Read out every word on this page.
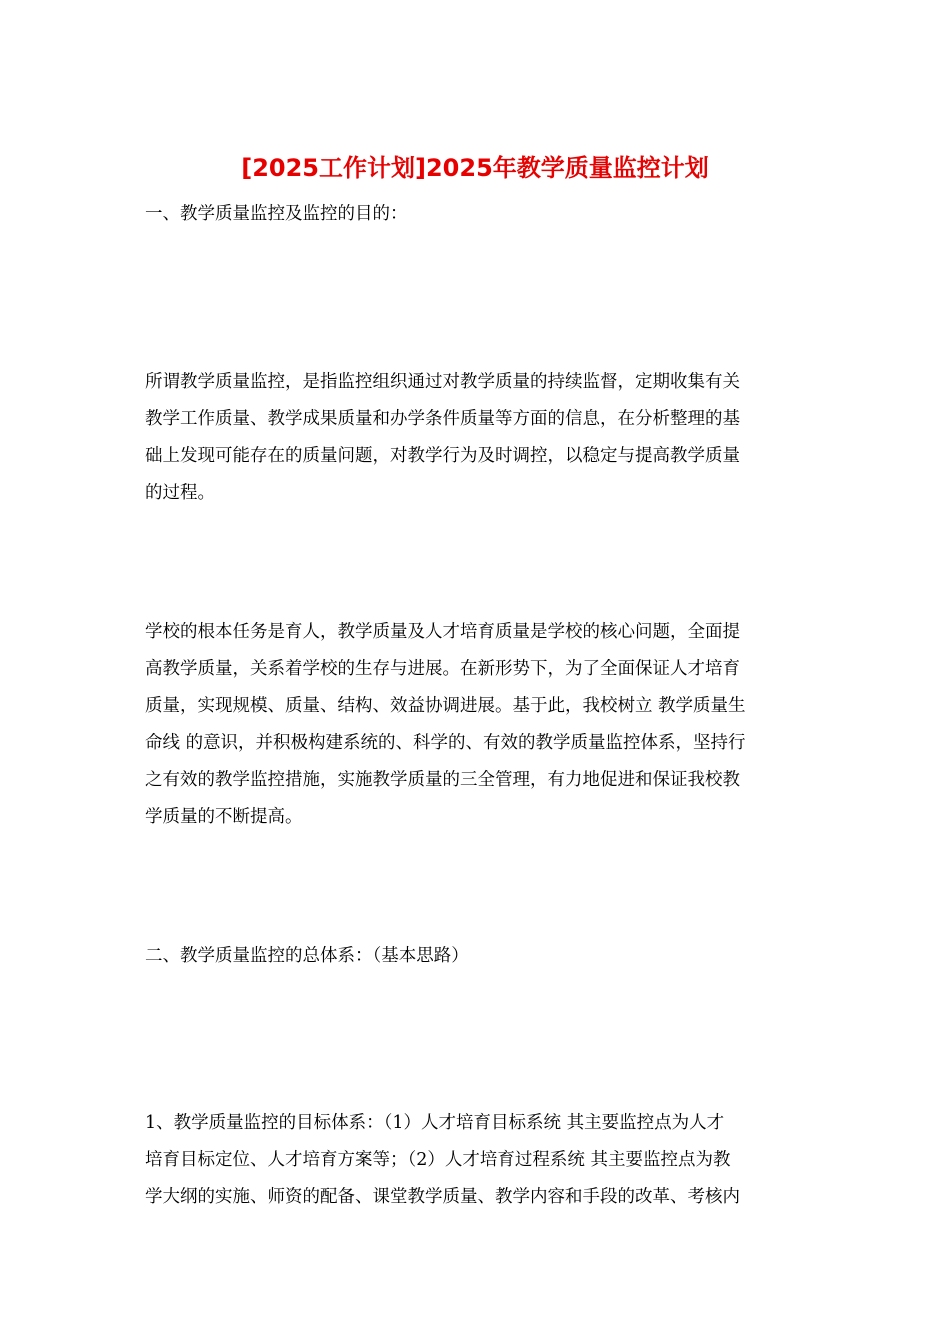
[2025工作计划]2025年教学质量监控计划
一、教学质量监控及监控的目的：
所谓教学质量监控，是指监控组织通过对教学质量的持续监督，定期收集有关
教学工作质量、教学成果质量和办学条件质量等方面的信息，在分析整理的基
础上发现可能存在的质量问题，对教学行为及时调控，以稳定与提高教学质量
的过程。
学校的根本任务是育人，教学质量及人才培育质量是学校的核心问题，全面提
高教学质量，关系着学校的生存与进展。在新形势下，为了全面保证人才培育
质量，实现规模、质量、结构、效益协调进展。基于此，我校树立 教学质量生
命线 的意识，并积极构建系统的、科学的、有效的教学质量监控体系，坚持行
之有效的教学监控措施，实施教学质量的三全管理，有力地促进和保证我校教
学质量的不断提高。
二、教学质量监控的总体系：（基本思路）
1、教学质量监控的目标体系：（1）人才培育目标系统 其主要监控点为人才
培育目标定位、人才培育方案等；（2）人才培育过程系统 其主要监控点为教
学大纲的实施、师资的配备、课堂教学质量、教学内容和手段的改革、考核内
